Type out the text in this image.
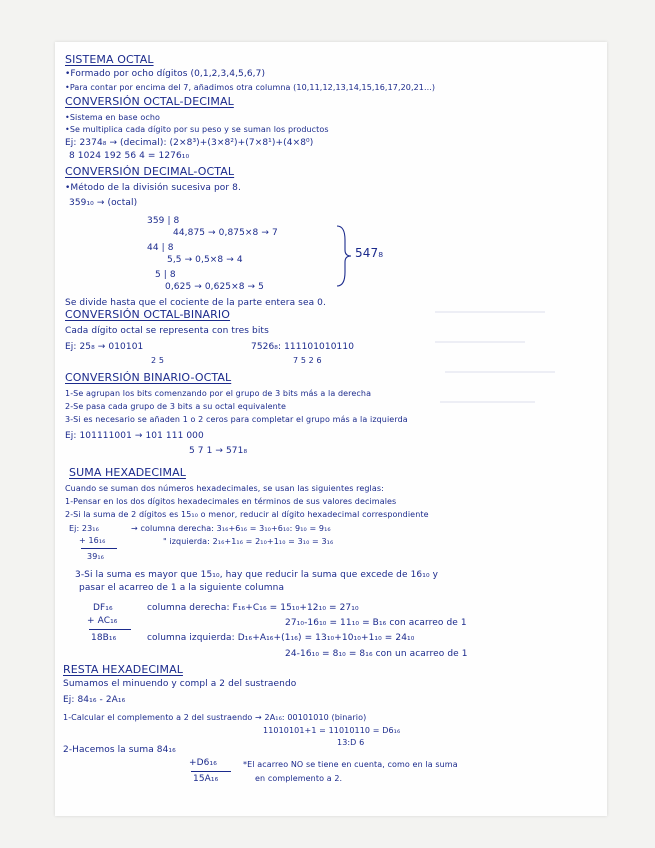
SISTEMA OCTAL
•Formado por ocho dígitos (0,1,2,3,4,5,6,7)
•Para contar por encima del 7, añadimos otra columna (10,11,12,13,14,15,16,17,20,21...)
CONVERSIÓN OCTAL-DECIMAL
•Sistema en base ocho
•Se multiplica cada dígito por su peso y se suman los productos
Ej: 2374₈ → (decimal): (2×8³)+(3×8²)+(7×8¹)+(4×8⁰)
8 1024 192 56 4 = 1276₁₀
CONVERSIÓN DECIMAL-OCTAL
•Método de la división sucesiva por 8.
359₁₀ → (octal)
359 | 8
44,875 → 0,875×8 → 7
44 | 8
5,5 → 0,5×8 → 4
5 | 8
0,625 → 0,625×8 → 5
547₈
Se divide hasta que el cociente de la parte entera sea 0.
CONVERSIÓN OCTAL-BINARIO
Cada dígito octal se representa con tres bits
Ej: 25₈ → 010101
2 5
7526₈: 111101010110
7 5 2 6
CONVERSIÓN BINARIO-OCTAL
1-Se agrupan los bits comenzando por el grupo de 3 bits más a la derecha
2-Se pasa cada grupo de 3 bits a su octal equivalente
3-Si es necesario se añaden 1 o 2 ceros para completar el grupo más a la izquierda
Ej: 101111001 → 101 111 000
5 7 1 → 571₈
SUMA HEXADECIMAL
Cuando se suman dos números hexadecimales, se usan las siguientes reglas:
1-Pensar en los dos dígitos hexadecimales en términos de sus valores decimales
2-Si la suma de 2 dígitos es 15₁₀ o menor, reducir al dígito hexadecimal correspondiente
Ej: 23₁₆
+ 16₁₆
39₁₆
→ columna derecha: 3₁₆+6₁₆ = 3₁₀+6₁₀: 9₁₀ = 9₁₆
" izquierda: 2₁₆+1₁₆ = 2₁₀+1₁₀ = 3₁₀ = 3₁₆
3-Si la suma es mayor que 15₁₀, hay que reducir la suma que excede de 16₁₀ y
pasar el acarreo de 1 a la siguiente columna
DF₁₆
+ AC₁₆
18B₁₆
columna derecha: F₁₆+C₁₆ = 15₁₀+12₁₀ = 27₁₀
27₁₀-16₁₀ = 11₁₀ = B₁₆ con acarreo de 1
columna izquierda: D₁₆+A₁₆+(1₁₆) = 13₁₀+10₁₀+1₁₀ = 24₁₀
24-16₁₀ = 8₁₀ = 8₁₆ con un acarreo de 1
RESTA HEXADECIMAL
Sumamos el minuendo y compl a 2 del sustraendo
Ej: 84₁₆ - 2A₁₆
1-Calcular el complemento a 2 del sustraendo → 2A₁₆: 00101010 (binario)
11010101+1 = 11010110 = D6₁₆
13:D 6
2-Hacemos la suma 84₁₆
+D6₁₆
15A₁₆
*El acarreo NO se tiene en cuenta, como en la suma
en complemento a 2.
